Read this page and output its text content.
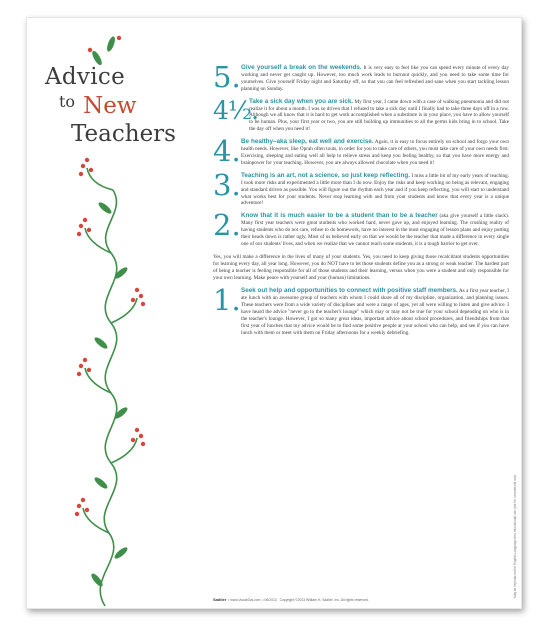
Advice
to New
Teachers
5. Give yourself a break on the weekends. It is very easy to feel like you can spend every minute of every day working and never get caught up. However, too much work leads to burnout quickly, and you need to take some time for yourselves. Give yourself Friday night and Saturday off, so that you can feel refreshed and sane when you start tackling lesson planning on Sunday.

4½.

Take a sick day when you are sick. My first year, I came down with a case of walking pneumonia and did not realize it for about a month. I was so driven that I refused to take a sick day until I finally had to take three days off in a row. Although we all know that it is hard to get work accomplished when a substitute is in your place, you have to allow yourself to be human. Plus, your first year or two, you are still building up immunities to all the germs kids bring in to school. Take the day off when you need it!

4. Be healthy–aka sleep, eat well and exercise. Again, it is easy to focus entirely on school and forgo your own health needs. However, like Oprah often touts, in order for you to take care of others, you must take care of your own needs first. Exercising, sleeping and eating well all help to relieve stress and keep you feeling healthy, so that you have more energy and brainpower for your teaching. However, you are always allowed chocolate when you need it!

3. Teaching is an art, not a science, so just keep reflecting. I miss a little bit of my early years of teaching. I took more risks and experimented a little more than I do now. Enjoy the risks and keep working on being as relevant, engaging and standard driven as possible. You will figure out the rhythm each year and if you keep reflecting, you will start to understand what works best for your students. Never stop learning with and from your students and know that every year is a unique adventure!

2. Know that it is much easier to be a student than to be a teacher (aka give yourself a little slack). Many first year teachers were great students who worked hard, never gave up, and enjoyed learning. The crushing reality of having students who do not care, refuse to do homework, have no interest in the most engaging of lesson plans and enjoy putting their heads down is rather ugly. Most of us believed early on that we would be the teacher that made a difference in every single one of our students' lives, and when we realize that we cannot reach some students, it is a tough barrier to get over.

Yes, you will make a difference in the lives of many of your students. Yes, you need to keep giving those recalcitrant students opportunities for learning every day, all year long. However, you do NOT have to let those students define you as a strong or weak teacher. The hardest part of being a teacher is feeling responsible for all of those students and their learning, versus when you were a student and only responsible for your own learning. Make peace with yourself and your (human) limitations.

1. Seek out help and opportunities to connect with positive staff members. As a first year teacher, I ate lunch with an awesome group of teachers with whom I could share all of my discipline, organization, and planning issues. These teachers were from a wide variety of disciplines and were a range of ages, yet all were willing to listen and give advice. I have heard the advice "never go to the teacher's lounge" which may or may not be true for your school depending on who is in the teacher's lounge. However, I got so many great ideas, important advice about school procedures, and friendships from that first year of lunches that my advice would be to find some positive people at your school who can help, and see if you can have lunch with them or meet with them on Friday afternoons for a weekly debriefing.

Sadlier  • www.VocabGal.com  • 06/2013 Copyright ©2013 William H. Sadlier, Inc. All rights reserved.
May be reproduced for English Language Arts educational use (not for commercial use)
